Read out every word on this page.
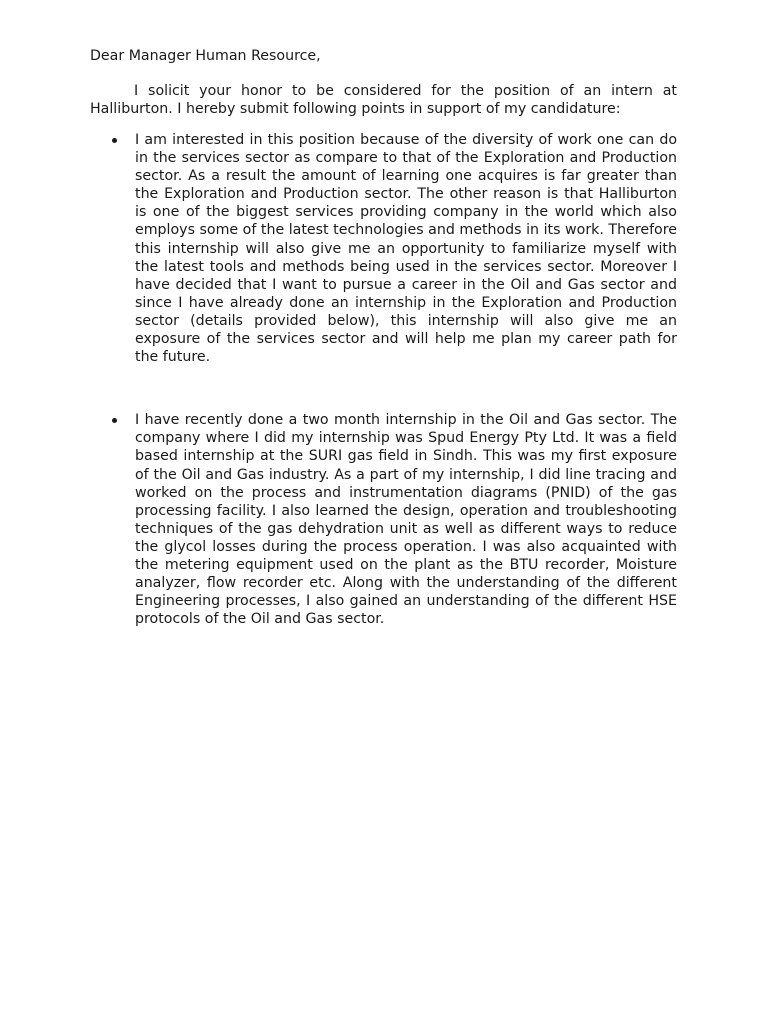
Dear Manager Human Resource,

I solicit your honor to be considered for the position of an intern at Halliburton. I hereby submit following points in support of my candidature:

I am interested in this position because of the diversity of work one can do in the services sector as compare to that of the Exploration and Production sector. As a result the amount of learning one acquires is far greater than the Exploration and Production sector. The other reason is that Halliburton is one of the biggest services providing company in the world which also employs some of the latest technologies and methods in its work. Therefore this internship will also give me an opportunity to familiarize myself with the latest tools and methods being used in the services sector. Moreover I have decided that I want to pursue a career in the Oil and Gas sector and since I have already done an internship in the Exploration and Production sector (details provided below), this internship will also give me an exposure of the services sector and will help me plan my career path for the future.
I have recently done a two month internship in the Oil and Gas sector. The company where I did my internship was Spud Energy Pty Ltd. It was a field based internship at the SURI gas field in Sindh. This was my first exposure of the Oil and Gas industry. As a part of my internship, I did line tracing and worked on the process and instrumentation diagrams (PNID) of the gas processing facility. I also learned the design, operation and troubleshooting techniques of the gas dehydration unit as well as different ways to reduce the glycol losses during the process operation. I was also acquainted with the metering equipment used on the plant as the BTU recorder, Moisture analyzer, flow recorder etc. Along with the understanding of the different Engineering processes, I also gained an understanding of the different HSE protocols of the Oil and Gas sector.
